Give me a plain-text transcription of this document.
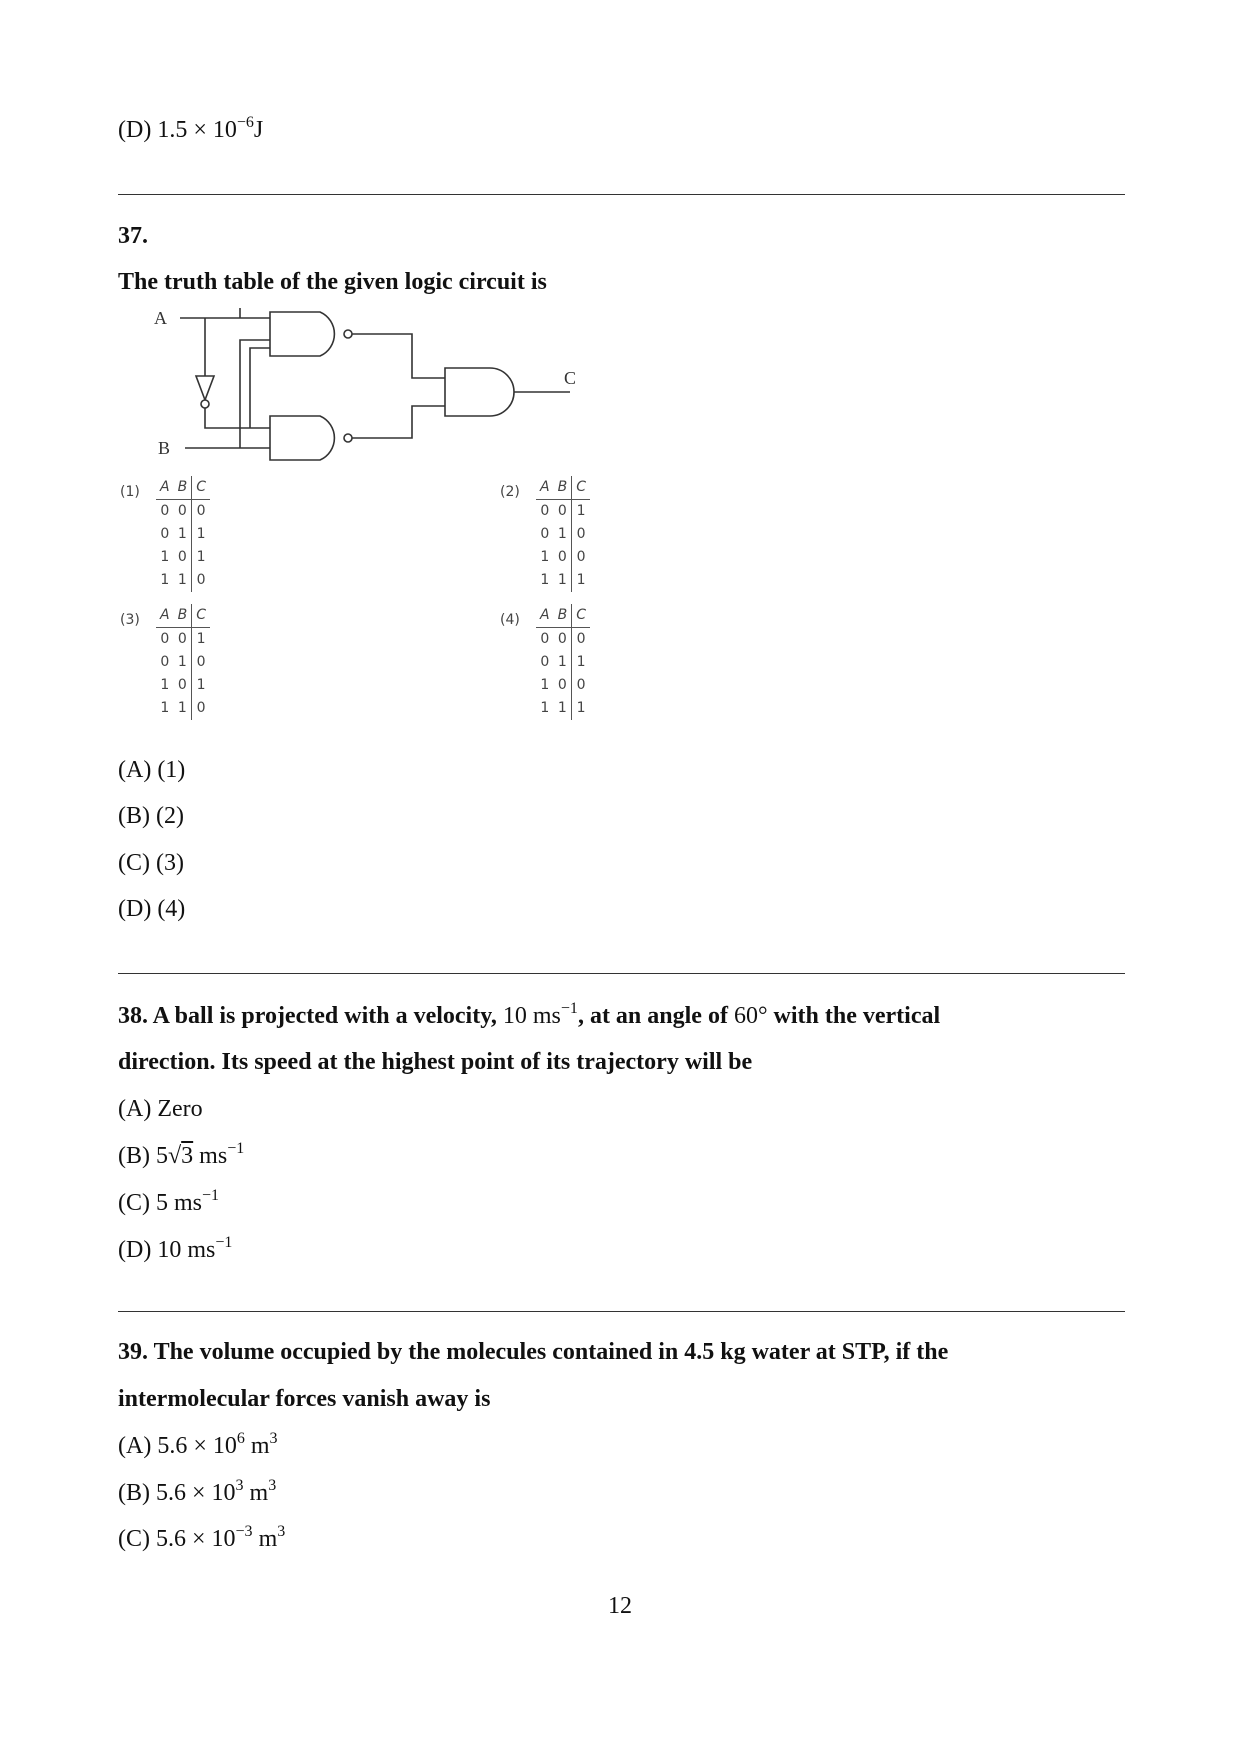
(D) $1.5 \times 10^{-6}J$
37.
The truth table of the given logic circuit is
A
B
C
(1) A	B	C
0	0	0
0	1	1
1	0	1
1	1	0
(2) A	B	C
0	0	1
0	1	0
1	0	0
1	1	1
(3) A	B	C
0	0	1
0	1	0
1	0	1
1	1	0
(4) A	B	C
0	0	0
0	1	1
1	0	0
1	1	1
(A) (1)
(B) (2)
(C) (3)
(D) (4)
38. A ball is projected with a velocity, 10 $ms^{-1}$, at an angle of 60° with the vertical
direction. Its speed at the highest point of its trajectory will be
(A) Zero
(B) 5√3 $ms^{-1}$
(C) 5 $ms^{-1}$
(D) 10 $ms^{-1}$
39. The volume occupied by the molecules contained in 4.5 kg water at STP, if the
intermolecular forces vanish away is
(A) $5.6 \times 10^6$ $m^3$
(B) $5.6 \times 10^3$ $m^3$
(C) $5.6 \times 10^{-3}$ $m^3$
12
